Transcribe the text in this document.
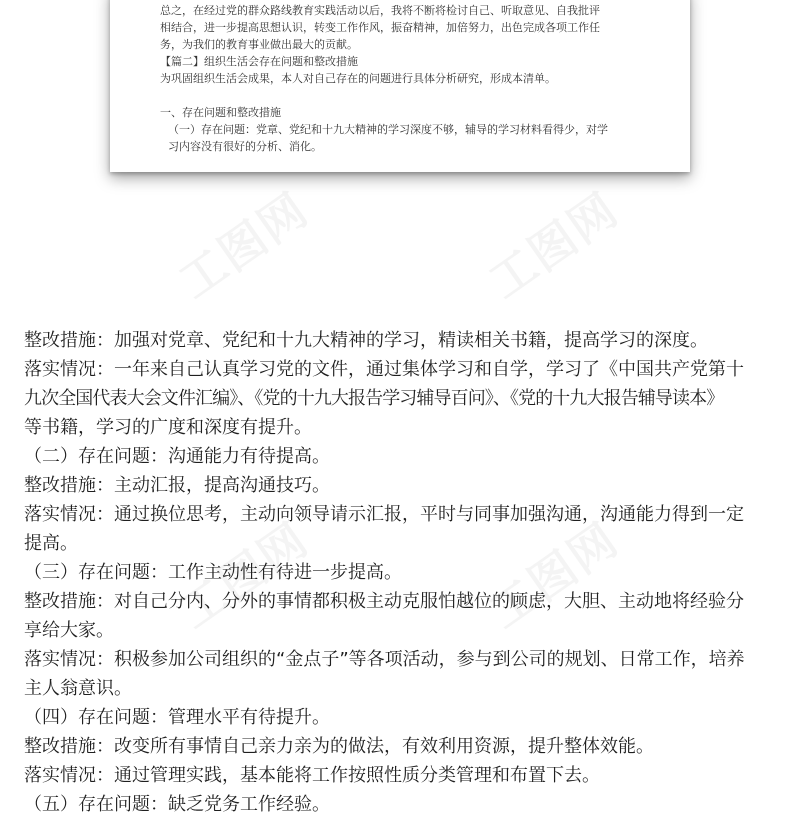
总之，在经过党的群众路线教育实践活动以后，我将不断将检讨自己、听取意见、自我批评
相结合，进一步提高思想认识，转变工作作风，振奋精神，加倍努力，出色完成各项工作任
务，为我们的教育事业做出最大的贡献。
【篇二】组织生活会存在问题和整改措施
为巩固组织生活会成果，本人对自己存在的问题进行具体分析研究，形成本清单。
一、存在问题和整改措施
（一）存在问题：党章、党纪和十九大精神的学习深度不够，辅导的学习材料看得少，对学
习内容没有很好的分析、消化。
整改措施：加强对党章、党纪和十九大精神的学习，精读相关书籍，提高学习的深度。
落实情况：一年来自己认真学习党的文件，通过集体学习和自学，学习了《中国共产党第十
九次全国代表大会文件汇编》、《党的十九大报告学习辅导百问》、《党的十九大报告辅导读本》
等书籍，学习的广度和深度有提升。
（二）存在问题：沟通能力有待提高。
整改措施：主动汇报，提高沟通技巧。
落实情况：通过换位思考，主动向领导请示汇报，平时与同事加强沟通，沟通能力得到一定
提高。
（三）存在问题：工作主动性有待进一步提高。
整改措施：对自己分内、分外的事情都积极主动克服怕越位的顾虑，大胆、主动地将经验分
享给大家。
落实情况：积极参加公司组织的“金点子”等各项活动，参与到公司的规划、日常工作，培养
主人翁意识。
（四）存在问题：管理水平有待提升。
整改措施：改变所有事情自己亲力亲为的做法，有效利用资源，提升整体效能。
落实情况：通过管理实践，基本能将工作按照性质分类管理和布置下去。
（五）存在问题：缺乏党务工作经验。
